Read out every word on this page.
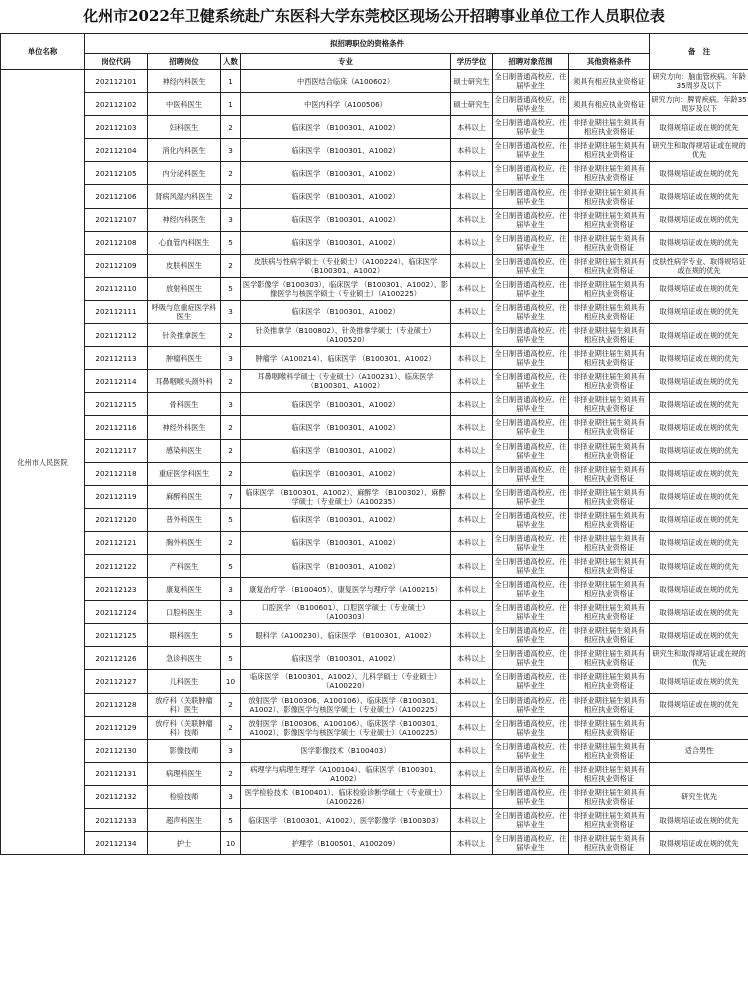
化州市2022年卫健系统赴广东医科大学东莞校区现场公开招聘事业单位工作人员职位表
单位名称	拟招聘职位的资格条件							备　注
	岗位代码	招聘岗位	人数	专业	学历学位	招聘对象范围	其他资格条件	
化州市人民医院	202112101	神经内科医生	1	中西医结合临床（A100602）	硕士研究生	全日制普通高校应、往届毕业生	须具有相应执业资格证	研究方向：脑血管疾病。年龄35周岁及以下
	202112102	中医科医生	1	中医内科学（A100506）	硕士研究生	全日制普通高校应、往届毕业生	须具有相应执业资格证	研究方向：脾胃疾病。年龄35周岁及以下
	202112103	妇科医生	2	临床医学 （B100301、A1002）	本科以上	全日制普通高校应、往届毕业生	非择业期往届生须具有相应执业资格证	取得规培证或在规的优先
	202112104	消化内科医生	3	临床医学 （B100301、A1002）	本科以上	全日制普通高校应、往届毕业生	非择业期往届生须具有相应执业资格证	研究生和取得规培证或在规的优先
	202112105	内分泌科医生	2	临床医学 （B100301、A1002）	本科以上	全日制普通高校应、往届毕业生	非择业期往届生须具有相应执业资格证	取得规培证或在规的优先
	202112106	肾病风湿内科医生	2	临床医学 （B100301、A1002）	本科以上	全日制普通高校应、往届毕业生	非择业期往届生须具有相应执业资格证	取得规培证或在规的优先
	202112107	神经内科医生	3	临床医学 （B100301、A1002）	本科以上	全日制普通高校应、往届毕业生	非择业期往届生须具有相应执业资格证	取得规培证或在规的优先
	202112108	心血管内科医生	5	临床医学 （B100301、A1002）	本科以上	全日制普通高校应、往届毕业生	非择业期往届生须具有相应执业资格证	取得规培证或在规的优先
	202112109	皮肤科医生	2	皮肤病与性病学硕士（专业硕士）（A100224）、临床医学 （B100301、A1002）	本科以上	全日制普通高校应、往届毕业生	非择业期往届生须具有相应执业资格证	皮肤性病学专业、取得规培证或在规的优先
	202112110	放射科医生	5	医学影像学（B100303）、临床医学 （B100301、A1002）、影像医学与核医学硕士（专业硕士）（A100225）	本科以上	全日制普通高校应、往届毕业生	非择业期往届生须具有相应执业资格证	取得规培证或在规的优先
	202112111	呼吸与危重症医学科医生	3	临床医学 （B100301、A1002）	本科以上	全日制普通高校应、往届毕业生	非择业期往届生须具有相应执业资格证	取得规培证或在规的优先
	202112112	针灸推拿医生	2	针灸推拿学（B100802）、针灸推拿学硕士（专业硕士）（A100520）	本科以上	全日制普通高校应、往届毕业生	非择业期往届生须具有相应执业资格证	取得规培证或在规的优先
	202112113	肿瘤科医生	3	肿瘤学（A100214）、临床医学 （B100301、A1002）	本科以上	全日制普通高校应、往届毕业生	非择业期往届生须具有相应执业资格证	取得规培证或在规的优先
	202112114	耳鼻咽喉头颈外科	2	耳鼻咽喉科学硕士（专业硕士）（A100231）、临床医学 （B100301、A1002）	本科以上	全日制普通高校应、往届毕业生	非择业期往届生须具有相应执业资格证	取得规培证或在规的优先
	202112115	骨科医生	3	临床医学 （B100301、A1002）	本科以上	全日制普通高校应、往届毕业生	非择业期往届生须具有相应执业资格证	取得规培证或在规的优先
	202112116	神经外科医生	2	临床医学 （B100301、A1002）	本科以上	全日制普通高校应、往届毕业生	非择业期往届生须具有相应执业资格证	取得规培证或在规的优先
	202112117	感染科医生	2	临床医学 （B100301、A1002）	本科以上	全日制普通高校应、往届毕业生	非择业期往届生须具有相应执业资格证	取得规培证或在规的优先
	202112118	重症医学科医生	2	临床医学 （B100301、A1002）	本科以上	全日制普通高校应、往届毕业生	非择业期往届生须具有相应执业资格证	取得规培证或在规的优先
	202112119	麻醉科医生	7	临床医学 （B100301、A1002）、麻醉学 （B100302）、麻醉学硕士（专业硕士）（A100235）	本科以上	全日制普通高校应、往届毕业生	非择业期往届生须具有相应执业资格证	取得规培证或在规的优先
	202112120	普外科医生	5	临床医学 （B100301、A1002）	本科以上	全日制普通高校应、往届毕业生	非择业期往届生须具有相应执业资格证	取得规培证或在规的优先
	202112121	胸外科医生	2	临床医学 （B100301、A1002）	本科以上	全日制普通高校应、往届毕业生	非择业期往届生须具有相应执业资格证	取得规培证或在规的优先
	202112122	产科医生	5	临床医学 （B100301、A1002）	本科以上	全日制普通高校应、往届毕业生	非择业期往届生须具有相应执业资格证	取得规培证或在规的优先
	202112123	康复科医生	3	康复治疗学 （B100405）、康复医学与理疗学（A100215）	本科以上	全日制普通高校应、往届毕业生	非择业期往届生须具有相应执业资格证	取得规培证或在规的优先
	202112124	口腔科医生	3	口腔医学 （B100601）、口腔医学硕士（专业硕士）（A100303）	本科以上	全日制普通高校应、往届毕业生	非择业期往届生须具有相应执业资格证	取得规培证或在规的优先
	202112125	眼科医生	5	眼科学（A100230）、临床医学 （B100301、A1002）	本科以上	全日制普通高校应、往届毕业生	非择业期往届生须具有相应执业资格证	取得规培证或在规的优先
	202112126	急诊科医生	5	临床医学 （B100301、A1002）	本科以上	全日制普通高校应、往届毕业生	非择业期往届生须具有相应执业资格证	研究生和取得规培证或在规的优先
	202112127	儿科医生	10	临床医学 （B100301、A1002）、儿科学硕士（专业硕士）（A100220）	本科以上	全日制普通高校应、往届毕业生	非择业期往届生须具有相应执业资格证	取得规培证或在规的优先
	202112128	放疗科（关联肿瘤科）医生	2	放射医学（B100306、A100106）、临床医学（B100301、A1002）、影像医学与核医学硕士（专业硕士）（A100225）	本科以上	全日制普通高校应、往届毕业生	非择业期往届生须具有相应执业资格证	取得规培证或在规的优先
	202112129	放疗科（关联肿瘤科）技师	2	放射医学（B100306、A100106）、临床医学（B100301、A1002）、影像医学与核医学硕士（专业硕士）（A100225）	本科以上	全日制普通高校应、往届毕业生	非择业期往届生须具有相应执业资格证	
	202112130	影像技师	3	医学影像技术（B100403）	本科以上	全日制普通高校应、往届毕业生	非择业期往届生须具有相应执业资格证	适合男性
	202112131	病理科医生	2	病理学与病理生理学（A100104）、临床医学（B100301、A1002）	本科以上	全日制普通高校应、往届毕业生	非择业期往届生须具有相应执业资格证	
	202112132	检验技师	3	医学检验技术（B100401）、临床检验诊断学硕士（专业硕士）（A100226）	本科以上	全日制普通高校应、往届毕业生	非择业期往届生须具有相应执业资格证	研究生优先
	202112133	超声科医生	5	临床医学 （B100301、A1002）、医学影像学（B100303）	本科以上	全日制普通高校应、往届毕业生	非择业期往届生须具有相应执业资格证	取得规培证或在规的优先
	202112134	护士	10	护理学（B100501、A100209）	本科以上	全日制普通高校应、往届毕业生	非择业期往届生须具有相应执业资格证	取得规培证或在规的优先
